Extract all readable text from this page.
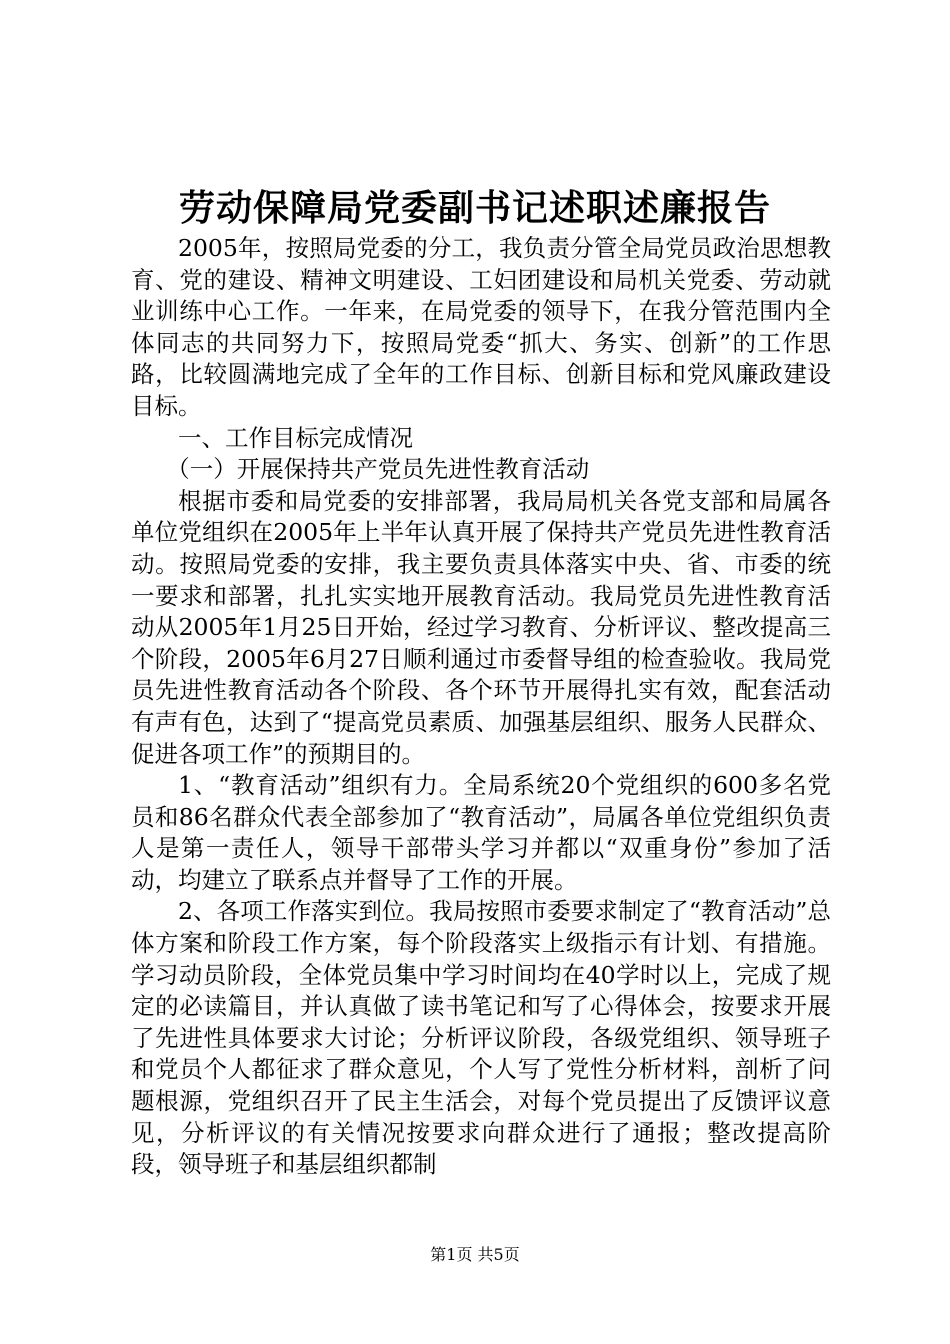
劳动保障局党委副书记述职述廉报告

2005年，按照局党委的分工，我负责分管全局党员政治思想教育、党的建设、精神文明建设、工妇团建设和局机关党委、劳动就业训练中心工作。一年来，在局党委的领导下，在我分管范围内全体同志的共同努力下，按照局党委“抓大、务实、创新”的工作思路，比较圆满地完成了全年的工作目标、创新目标和党风廉政建设目标。

一、工作目标完成情况

（一）开展保持共产党员先进性教育活动

根据市委和局党委的安排部署，我局局机关各党支部和局属各单位党组织在2005年上半年认真开展了保持共产党员先进性教育活动。按照局党委的安排，我主要负责具体落实中央、省、市委的统一要求和部署，扎扎实实地开展教育活动。我局党员先进性教育活动从2005年1月25日开始，经过学习教育、分析评议、整改提高三个阶段，2005年6月27日顺利通过市委督导组的检查验收。我局党员先进性教育活动各个阶段、各个环节开展得扎实有效，配套活动有声有色，达到了“提高党员素质、加强基层组织、服务人民群众、促进各项工作”的预期目的。

1、“教育活动”组织有力。全局系统20个党组织的600多名党员和86名群众代表全部参加了“教育活动”，局属各单位党组织负责人是第一责任人，领导干部带头学习并都以“双重身份”参加了活动，均建立了联系点并督导了工作的开展。

2、各项工作落实到位。我局按照市委要求制定了“教育活动”总体方案和阶段工作方案，每个阶段落实上级指示有计划、有措施。学习动员阶段，全体党员集中学习时间均在40学时以上，完成了规定的必读篇目，并认真做了读书笔记和写了心得体会，按要求开展了先进性具体要求大讨论；分析评议阶段，各级党组织、领导班子和党员个人都征求了群众意见，个人写了党性分析材料，剖析了问题根源，党组织召开了民主生活会，对每个党员提出了反馈评议意见，分析评议的有关情况按要求向群众进行了通报；整改提高阶段，领导班子和基层组织都制

第1页 共5页
